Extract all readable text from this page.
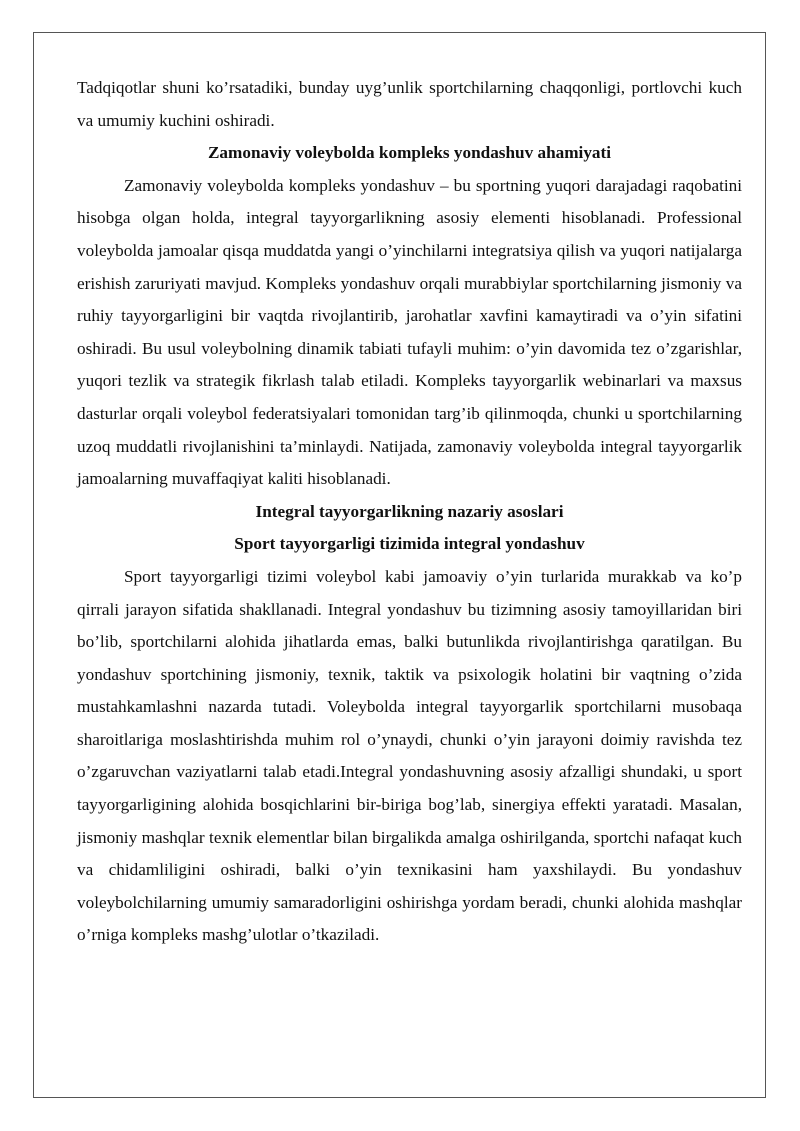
Tadqiqotlar shuni ko’rsatadiki, bunday uyg’unlik sportchilarning chaqqonligi, portlovchi kuch va umumiy kuchini oshiradi.

Zamonaviy voleybolda kompleks yondashuv ahamiyati

Zamonaviy voleybolda kompleks yondashuv – bu sportning yuqori darajadagi raqobatini hisobga olgan holda, integral tayyorgarlikning asosiy elementi hisoblanadi. Professional voleybolda jamoalar qisqa muddatda yangi o’yinchilarni integratsiya qilish va yuqori natijalarga erishish zaruriyati mavjud. Kompleks yondashuv orqali murabbiylar sportchilarning jismoniy va ruhiy tayyorgarligini bir vaqtda rivojlantirib, jarohatlar xavfini kamaytiradi va o’yin sifatini oshiradi. Bu usul voleybolning dinamik tabiati tufayli muhim: o’yin davomida tez o’zgarishlar, yuqori tezlik va strategik fikrlash talab etiladi. Kompleks tayyorgarlik webinarlari va maxsus dasturlar orqali voleybol federatsiyalari tomonidan targ’ib qilinmoqda, chunki u sportchilarning uzoq muddatli rivojlanishini ta’minlaydi. Natijada, zamonaviy voleybolda integral tayyorgarlik jamoalarning muvaffaqiyat kaliti hisoblanadi.

Integral tayyorgarlikning nazariy asoslari
Sport tayyorgarligi tizimida integral yondashuv

Sport tayyorgarligi tizimi voleybol kabi jamoaviy o’yin turlarida murakkab va ko’p qirrali jarayon sifatida shakllanadi. Integral yondashuv bu tizimning asosiy tamoyillaridan biri bo’lib, sportchilarni alohida jihatlarda emas, balki butunlikda rivojlantirishga qaratilgan. Bu yondashuv sportchining jismoniy, texnik, taktik va psixologik holatini bir vaqtning o’zida mustahkamlashni nazarda tutadi. Voleybolda integral tayyorgarlik sportchilarni musobaqa sharoitlariga moslashtirishda muhim rol o’ynaydi, chunki o’yin jarayoni doimiy ravishda tez o’zgaruvchan vaziyatlarni talab etadi.Integral yondashuvning asosiy afzalligi shundaki, u sport tayyorgarligining alohida bosqichlarini bir-biriga bog’lab, sinergiya effekti yaratadi. Masalan, jismoniy mashqlar texnik elementlar bilan birgalikda amalga oshirilganda, sportchi nafaqat kuch va chidamliligini oshiradi, balki o’yin texnikasini ham yaxshilaydi. Bu yondashuv voleybolchilarning umumiy samaradorligini oshirishga yordam beradi, chunki alohida mashqlar o’rniga kompleks mashg’ulotlar o’tkaziladi.
